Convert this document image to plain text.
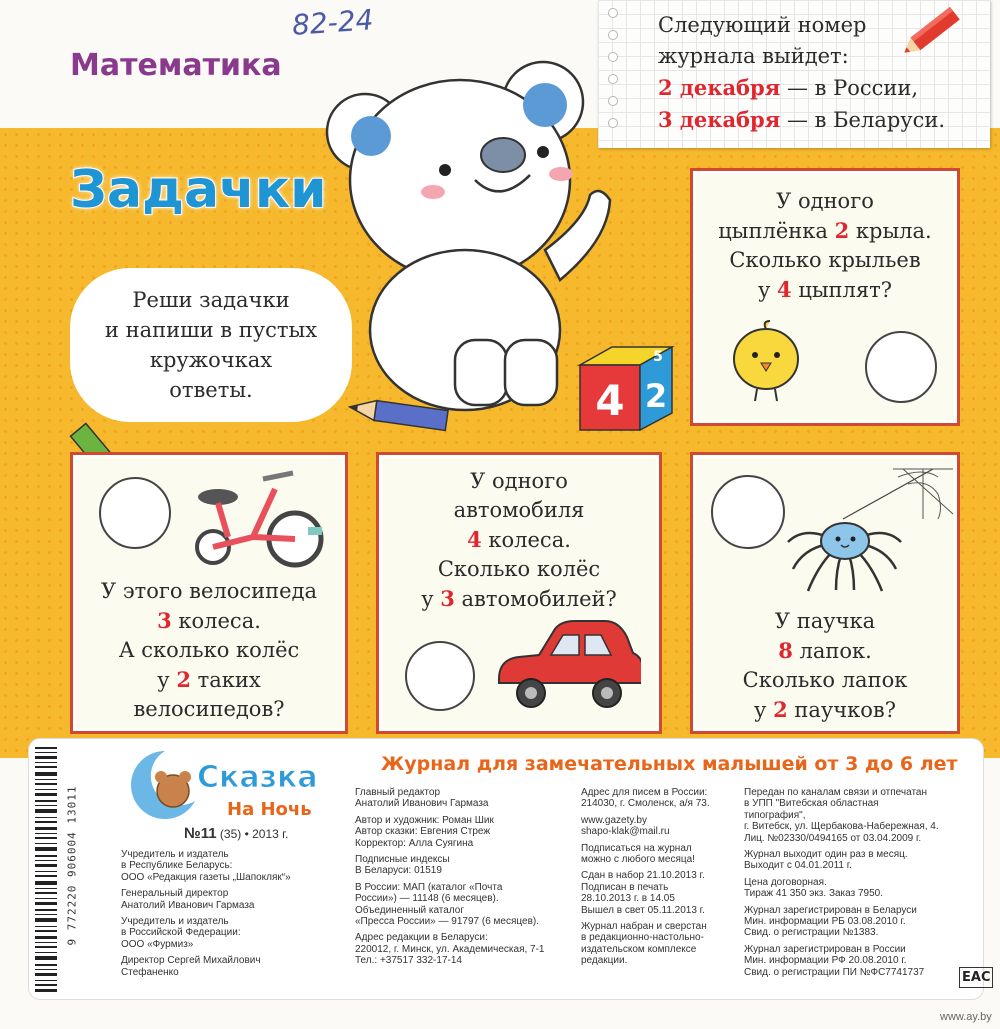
82-24
Математика
Следующий номер
журнала выйдет:
2 декабря — в России,
3 декабря — в Беларуси.
Задачки
Реши задачки
и напиши в пустых
кружочках
ответы.	4 2
5
У одного
цыплёнка 2 крыла.
Сколько крыльев
у 4 цыплят?
У этого велосипеда
3 колеса.
А сколько колёс
у 2 таких
велосипедов?
У одного
автомобиля
4 колеса.
Сколько колёс
у 3 автомобилей?
У паучка
8 лапок.
Сколько лапок
у 2 паучков?
9 772220 906004 13011
Сказка
На Ночь
Журнал для замечательных малышей от 3 до 6 лет
№11 (35) • 2013 г.
Учредитель и издатель
в Республике Беларусь:
ООО «Редакция газеты „Шапокляк“»
Генеральный директор
Анатолий Иванович Гармаза
Учредитель и издатель
в Российской Федерации:
ООО «Фурмиз»
Директор Сергей Михайлович
Стефаненко
Главный редактор
Анатолий Иванович Гармаза
Автор и художник: Роман Шик
Автор сказки: Евгения Стреж
Корректор: Алла Суягина
Подписные индексы
В Беларуси: 01519
В России: МАП (каталог «Почта
России») — 11148 (6 месяцев).
Объединенный каталог
«Пресса России» — 91797 (6 месяцев).
Адрес редакции в Беларуси:
220012, г. Минск, ул. Академическая, 7-1
Тел.: +37517 332-17-14
Адрес для писем в России:
214030, г. Смоленск, а/я 73.
www.gazety.by
shapo-klak@mail.ru
Подписаться на журнал
можно с любого месяца!
Сдан в набор 21.10.2013 г.
Подписан в печать
28.10.2013 г. в 14.05
Вышел в свет 05.11.2013 г.
Журнал набран и сверстан
в редакционно-настольно-
издательском комплексе
редакции.
Передан по каналам связи и отпечатан
в УПП "Витебская областная
типография",
г. Витебск, ул. Щербакова-Набережная, 4.
Лиц. №02330/0494165 от 03.04.2009 г.
Журнал выходит один раз в месяц.
Выходит с 04.01.2011 г.
Цена договорная.
Тираж 41 350 экз. Заказ 7950.
Журнал зарегистрирован в Беларуси
Мин. информации РБ 03.08.2010 г.
Свид. о регистрации №1383.
Журнал зарегистрирован в России
Мин. информации РФ 20.08.2010 г.
Свид. о регистрации ПИ №ФС7741737	EAC
www.ay.by
